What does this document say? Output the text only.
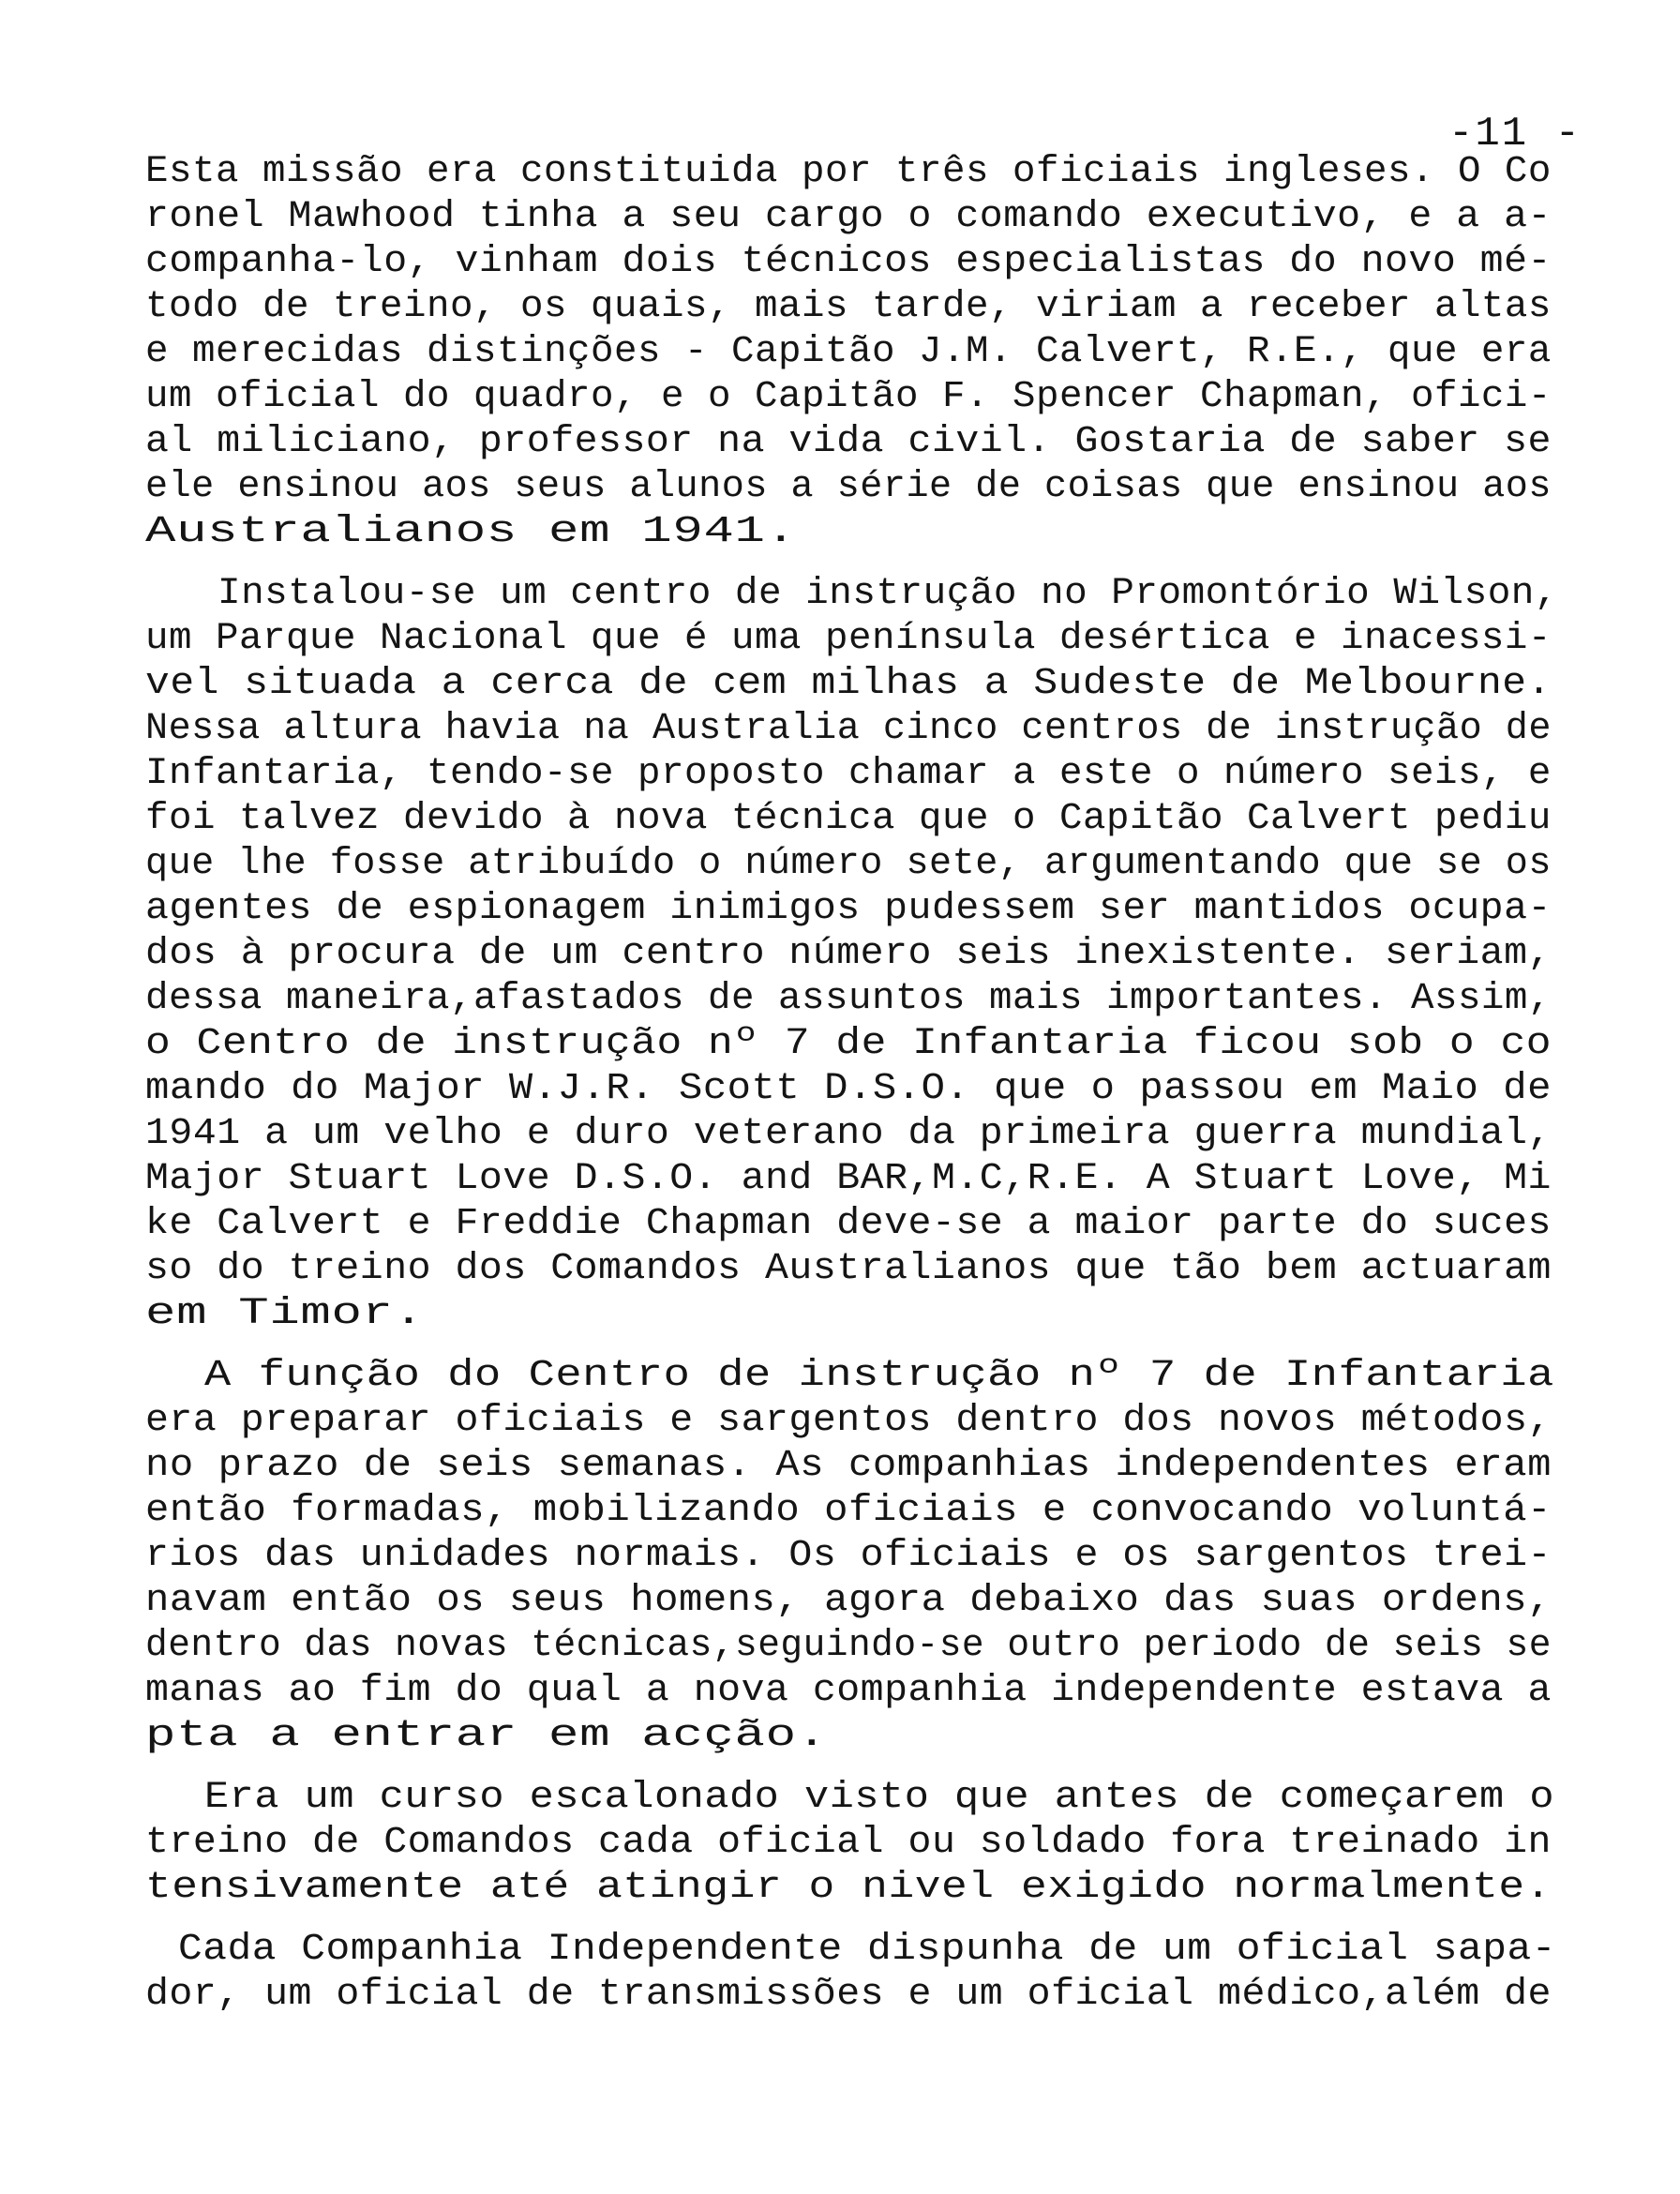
-11 -
Esta missão era constituida por três oficiais ingleses. O Co
ronel Mawhood tinha a seu cargo o comando executivo, e a a-
companha-lo, vinham dois técnicos especialistas do novo mé-
todo de treino, os quais, mais tarde, viriam a receber altas
e merecidas distinções - Capitão J.M. Calvert, R.E., que era
um oficial do quadro, e o Capitão F. Spencer Chapman, ofici-
al miliciano, professor na vida civil. Gostaria de saber se
ele ensinou aos seus alunos a série de coisas que ensinou aos
Australianos em 1941.
Instalou-se um centro de instrução no Promontório Wilson,
um Parque Nacional que é uma península desértica e inacessi-
vel situada a cerca de cem milhas a Sudeste de Melbourne.
Nessa altura havia na Australia cinco centros de instrução de
Infantaria, tendo-se proposto chamar a este o número seis, e
foi talvez devido à nova técnica que o Capitão Calvert pediu
que lhe fosse atribuído o número sete, argumentando que se os
agentes de espionagem inimigos pudessem ser mantidos ocupa-
dos à procura de um centro número seis inexistente. seriam,
dessa maneira,afastados de assuntos mais importantes. Assim,
o Centro de instrução nº 7 de Infantaria ficou sob o co
mando do Major W.J.R. Scott D.S.O. que o passou em Maio de
1941 a um velho e duro veterano da primeira guerra mundial,
Major Stuart Love D.S.O. and BAR,M.C,R.E. A Stuart Love, Mi
ke Calvert e Freddie Chapman deve-se a maior parte do suces
so do treino dos Comandos Australianos que tão bem actuaram
em Timor.
A função do Centro de instrução nº 7 de Infantaria
era preparar oficiais e sargentos dentro dos novos métodos,
no prazo de seis semanas. As companhias independentes eram
então formadas, mobilizando oficiais e convocando voluntá-
rios das unidades normais. Os oficiais e os sargentos trei-
navam então os seus homens, agora debaixo das suas ordens,
dentro das novas técnicas,seguindo-se outro periodo de seis se
manas ao fim do qual a nova companhia independente estava a
pta a entrar em acção.
Era um curso escalonado visto que antes de começarem o
treino de Comandos cada oficial ou soldado fora treinado in
tensivamente até atingir o nivel exigido normalmente.
Cada Companhia Independente dispunha de um oficial sapa-
dor, um oficial de transmissões e um oficial médico,além de
